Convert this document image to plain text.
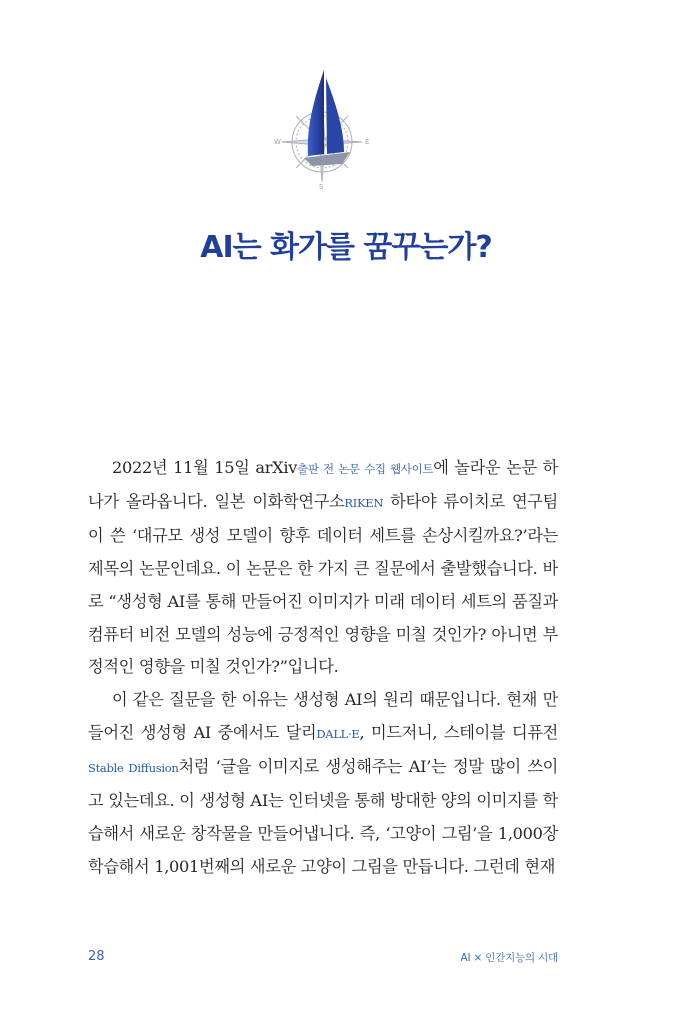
W	E
S
AI는 화가를 꿈꾸는가?

2022년 11월 15일 arXiv출판 전 논문 수집 웹사이트에 놀라운 논문 하나가 올라옵니다. 일본 이화학연구소RIKEN 하타야 류이치로 연구팀이 쓴 ‘대규모 생성 모델이 향후 데이터 세트를 손상시킬까요?’라는 제목의 논문인데요. 이 논문은 한 가지 큰 질문에서 출발했습니다. 바로 “생성형 AI를 통해 만들어진 이미지가 미래 데이터 세트의 품질과 컴퓨터 비전 모델의 성능에 긍정적인 영향을 미칠 것인가? 아니면 부정적인 영향을 미칠 것인가?”입니다.

이 같은 질문을 한 이유는 생성형 AI의 원리 때문입니다. 현재 만들어진 생성형 AI 중에서도 달리DALL·E, 미드저니, 스테이블 디퓨전Stable Diffusion처럼 ‘글을 이미지로 생성해주는 AI’는 정말 많이 쓰이고 있는데요. 이 생성형 AI는 인터넷을 통해 방대한 양의 이미지를 학습해서 새로운 창작물을 만들어냅니다. 즉, ‘고양이 그림’을 1,000장 학습해서 1,001번째의 새로운 고양이 그림을 만듭니다. 그런데 현재

28	AI × 인간지능의 시대
